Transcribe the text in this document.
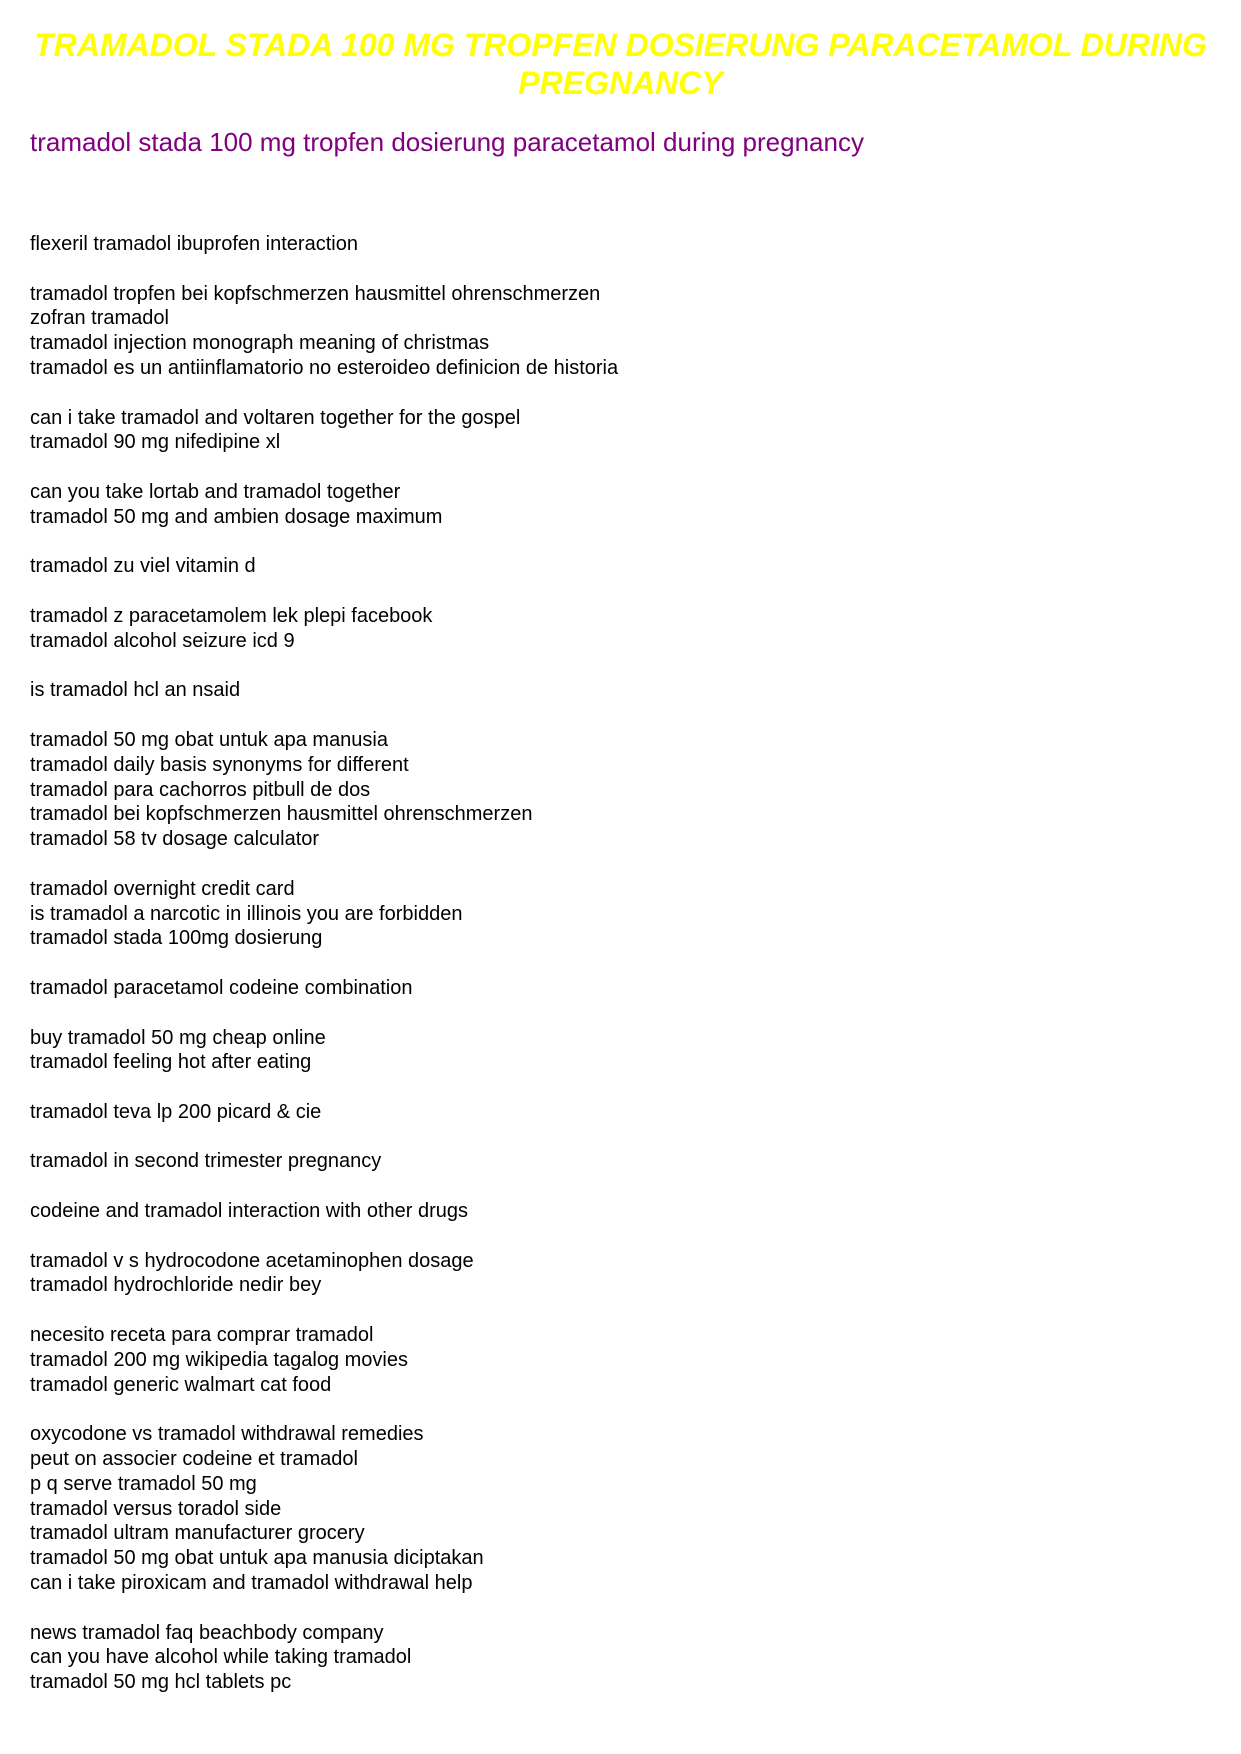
TRAMADOL STADA 100 MG TROPFEN DOSIERUNG PARACETAMOL DURING PREGNANCY
tramadol stada 100 mg tropfen dosierung paracetamol during pregnancy
flexeril tramadol ibuprofen interaction
tramadol tropfen bei kopfschmerzen hausmittel ohrenschmerzen
zofran tramadol
tramadol injection monograph meaning of christmas
tramadol es un antiinflamatorio no esteroideo definicion de historia
can i take tramadol and voltaren together for the gospel
tramadol 90 mg nifedipine xl
can you take lortab and tramadol together
tramadol 50 mg and ambien dosage maximum
tramadol zu viel vitamin d
tramadol z paracetamolem lek plepi facebook
tramadol alcohol seizure icd 9
is tramadol hcl an nsaid
tramadol 50 mg obat untuk apa manusia
tramadol daily basis synonyms for different
tramadol para cachorros pitbull de dos
tramadol bei kopfschmerzen hausmittel ohrenschmerzen
tramadol 58 tv dosage calculator
tramadol overnight credit card
is tramadol a narcotic in illinois you are forbidden
tramadol stada 100mg dosierung
tramadol paracetamol codeine combination
buy tramadol 50 mg cheap online
tramadol feeling hot after eating
tramadol teva lp 200 picard & cie
tramadol in second trimester pregnancy
codeine and tramadol interaction with other drugs
tramadol v s hydrocodone acetaminophen dosage
tramadol hydrochloride nedir bey
necesito receta para comprar tramadol
tramadol 200 mg wikipedia tagalog movies
tramadol generic walmart cat food
oxycodone vs tramadol withdrawal remedies
peut on associer codeine et tramadol
p q serve tramadol 50 mg
tramadol versus toradol side
tramadol ultram manufacturer grocery
tramadol 50 mg obat untuk apa manusia diciptakan
can i take piroxicam and tramadol withdrawal help
news tramadol faq beachbody company
can you have alcohol while taking tramadol
tramadol 50 mg hcl tablets pc
